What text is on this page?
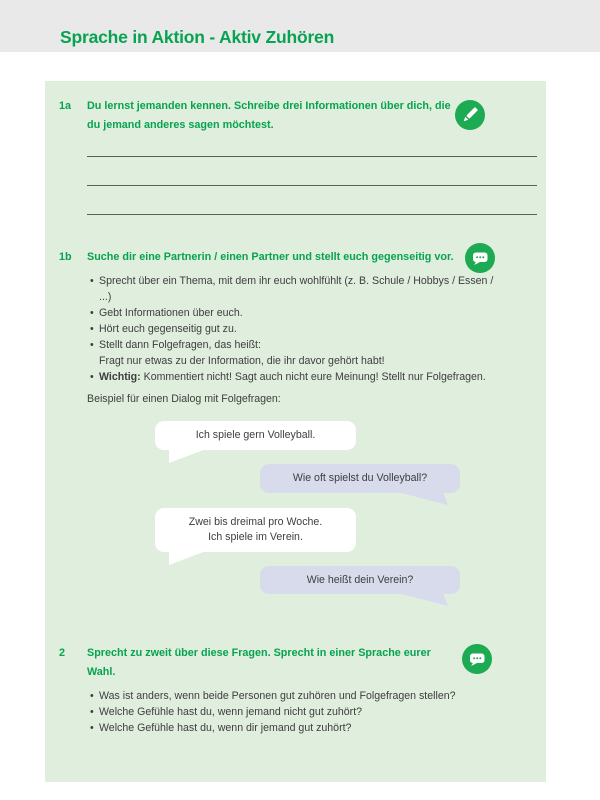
Sprache in Aktion - Aktiv Zuhören
1a Du lernst jemanden kennen. Schreibe drei Informationen über dich, die du jemand anderes sagen möchtest.

1b Suche dir eine Partnerin / einen Partner und stellt euch gegenseitig vor.

• Sprecht über ein Thema, mit dem ihr euch wohlfühlt (z. B. Schule / Hobbys / Essen / ...)
• Gebt Informationen über euch.
• Hört euch gegenseitig gut zu.
• Stellt dann Folgefragen, das heißt:
Fragt nur etwas zu der Information, die ihr davor gehört habt!
• Wichtig: Kommentiert nicht! Sagt auch nicht eure Meinung! Stellt nur Folgefragen.

Beispiel für einen Dialog mit Folgefragen:

Ich spiele gern Volleyball.
Wie oft spielst du Volleyball?
Zwei bis dreimal pro Woche.
Ich spiele im Verein.
Wie heißt dein Verein?
2 Sprecht zu zweit über diese Fragen. Sprecht in einer Sprache eurer Wahl.

• Was ist anders, wenn beide Personen gut zuhören und Folgefragen stellen?
• Welche Gefühle hast du, wenn jemand nicht gut zuhört?
• Welche Gefühle hast du, wenn dir jemand gut zuhört?
